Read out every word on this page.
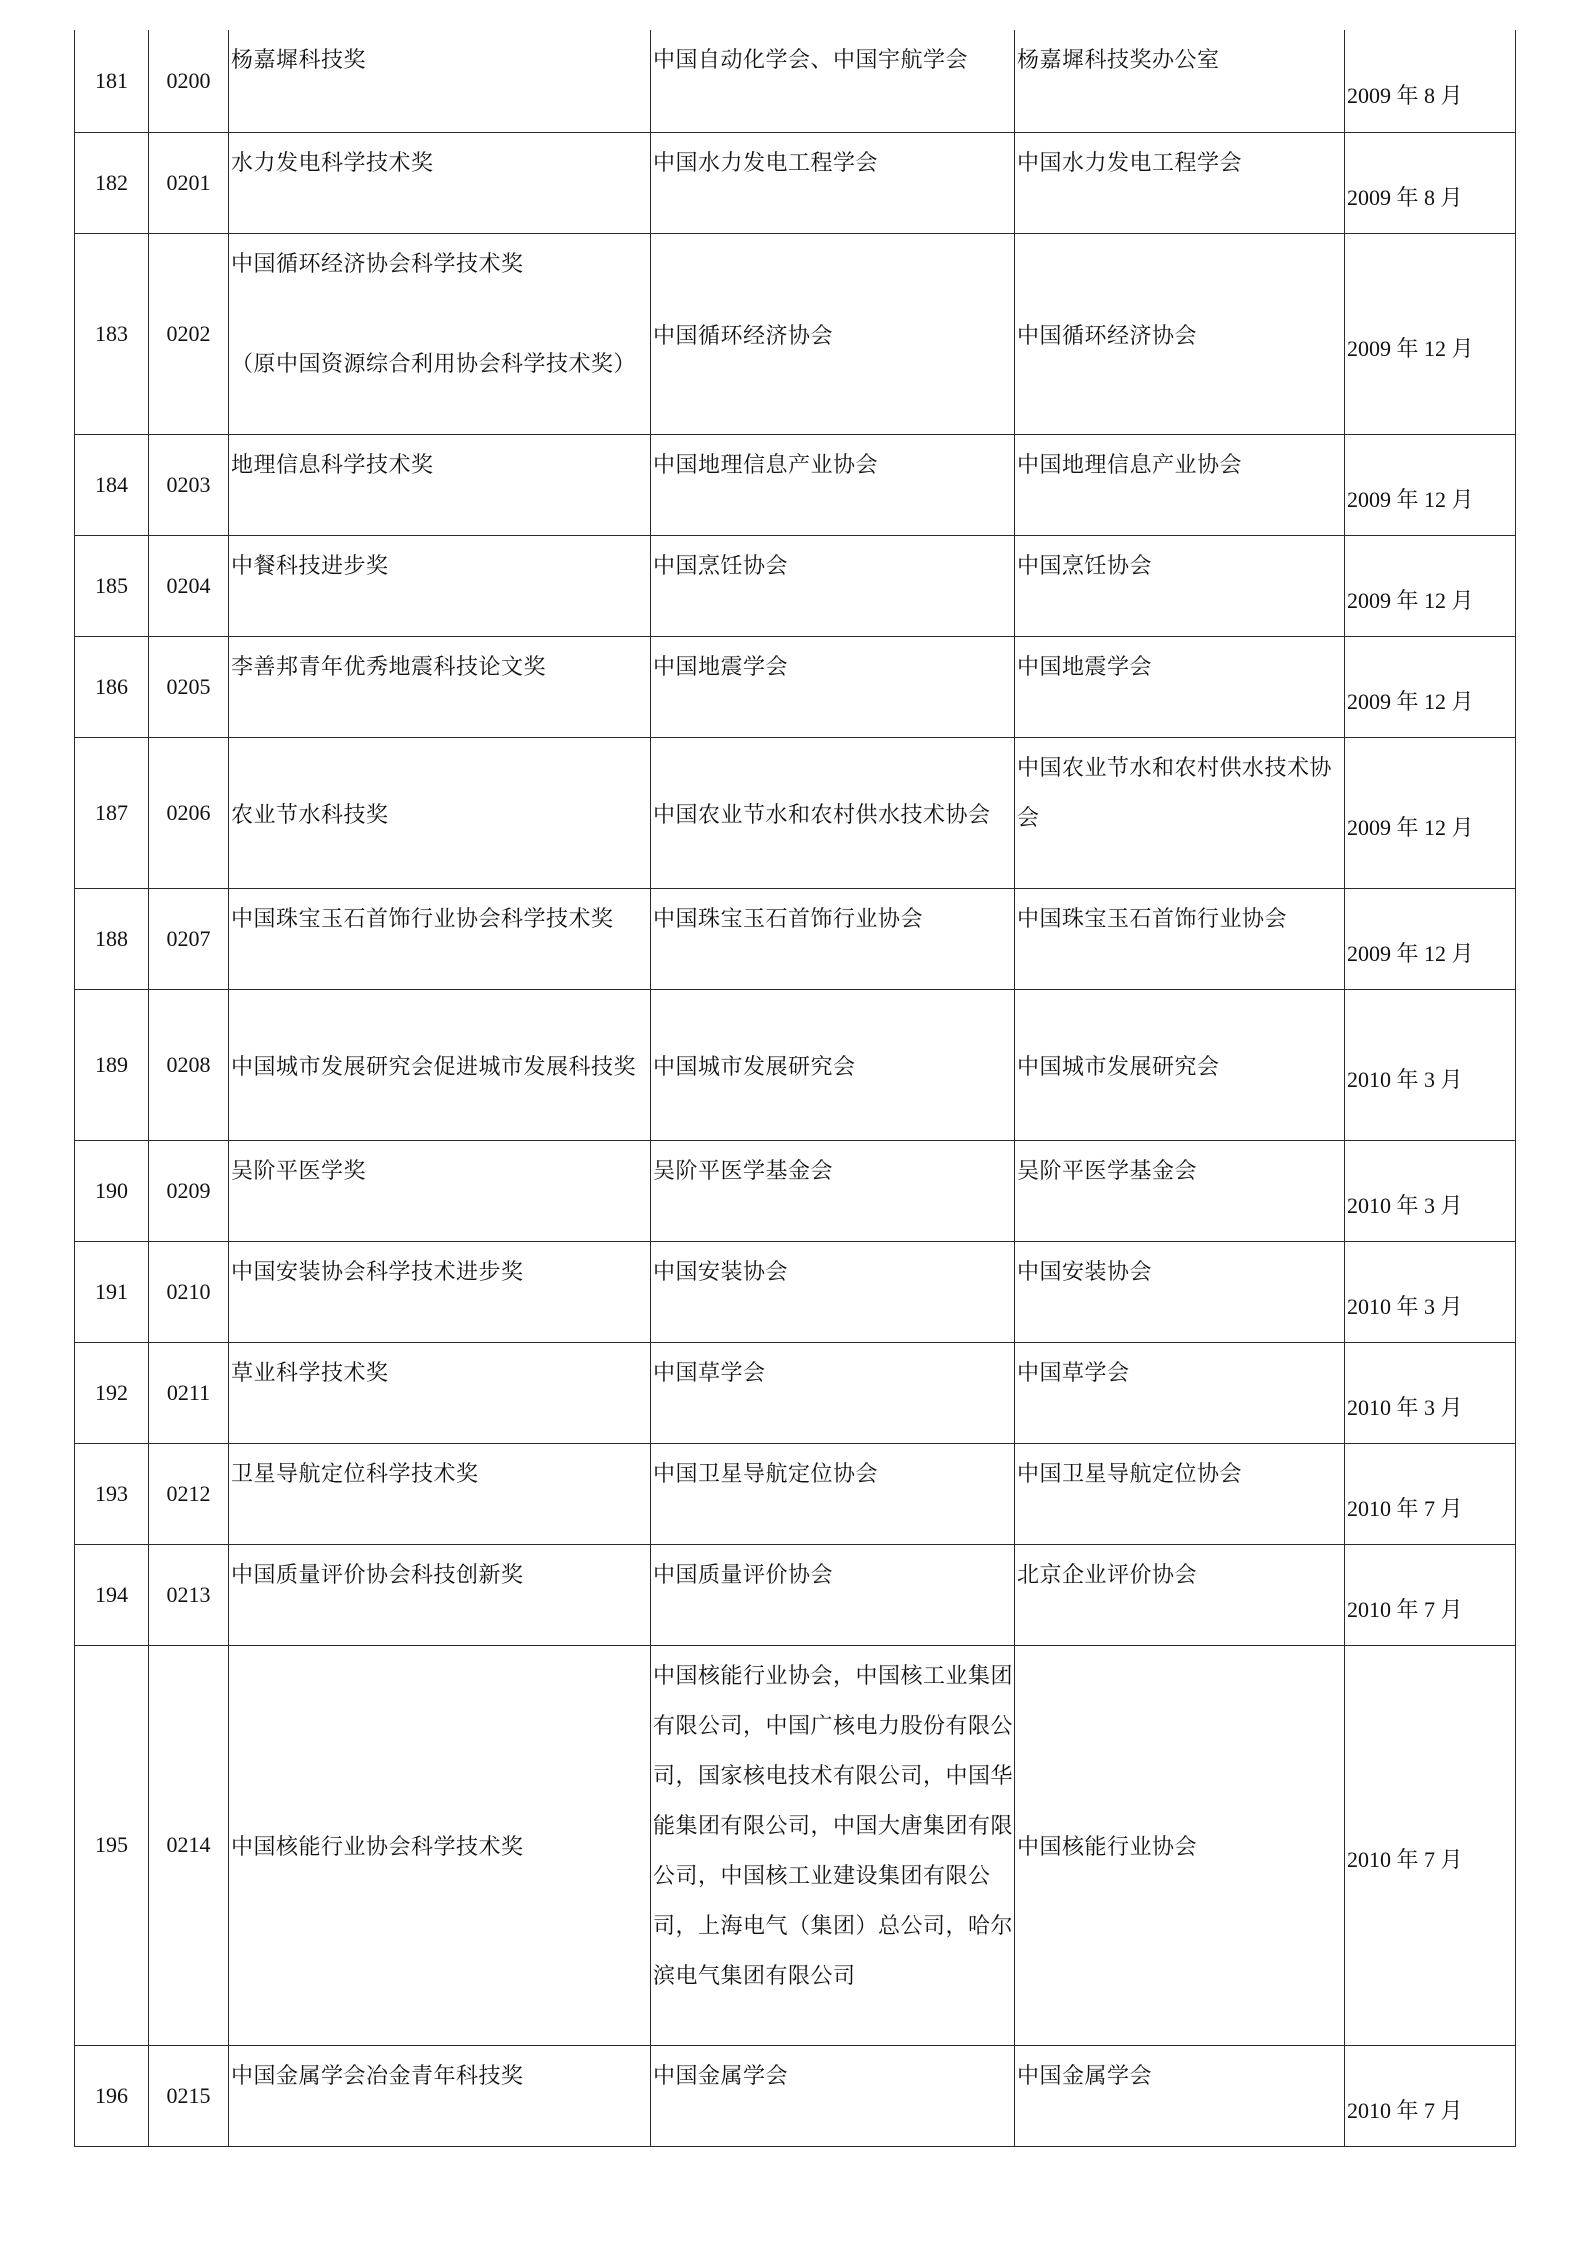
181	0200	杨嘉墀科技奖	中国自动化学会、中国宇航学会	杨嘉墀科技奖办公室	2009 年 8 月
182	0201	水力发电科学技术奖	中国水力发电工程学会	中国水力发电工程学会	2009 年 8 月
183	0202	中国循环经济协会科学技术奖
（原中国资源综合利用协会科学技术奖）	中国循环经济协会	中国循环经济协会	2009 年 12 月
184	0203	地理信息科学技术奖	中国地理信息产业协会	中国地理信息产业协会	2009 年 12 月
185	0204	中餐科技进步奖	中国烹饪协会	中国烹饪协会	2009 年 12 月
186	0205	李善邦青年优秀地震科技论文奖	中国地震学会	中国地震学会	2009 年 12 月
187	0206	农业节水科技奖	中国农业节水和农村供水技术协会	中国农业节水和农村供水技术协会	2009 年 12 月
188	0207	中国珠宝玉石首饰行业协会科学技术奖	中国珠宝玉石首饰行业协会	中国珠宝玉石首饰行业协会	2009 年 12 月
189	0208	中国城市发展研究会促进城市发展科技奖	中国城市发展研究会	中国城市发展研究会	2010 年 3 月
190	0209	吴阶平医学奖	吴阶平医学基金会	吴阶平医学基金会	2010 年 3 月
191	0210	中国安装协会科学技术进步奖	中国安装协会	中国安装协会	2010 年 3 月
192	0211	草业科学技术奖	中国草学会	中国草学会	2010 年 3 月
193	0212	卫星导航定位科学技术奖	中国卫星导航定位协会	中国卫星导航定位协会	2010 年 7 月
194	0213	中国质量评价协会科技创新奖	中国质量评价协会	北京企业评价协会	2010 年 7 月
195	0214	中国核能行业协会科学技术奖	中国核能行业协会，中国核工业集团有限公司，中国广核电力股份有限公司，国家核电技术有限公司，中国华能集团有限公司，中国大唐集团有限公司，中国核工业建设集团有限公司，上海电气（集团）总公司，哈尔滨电气集团有限公司	中国核能行业协会	2010 年 7 月
196	0215	中国金属学会冶金青年科技奖	中国金属学会	中国金属学会	2010 年 7 月
